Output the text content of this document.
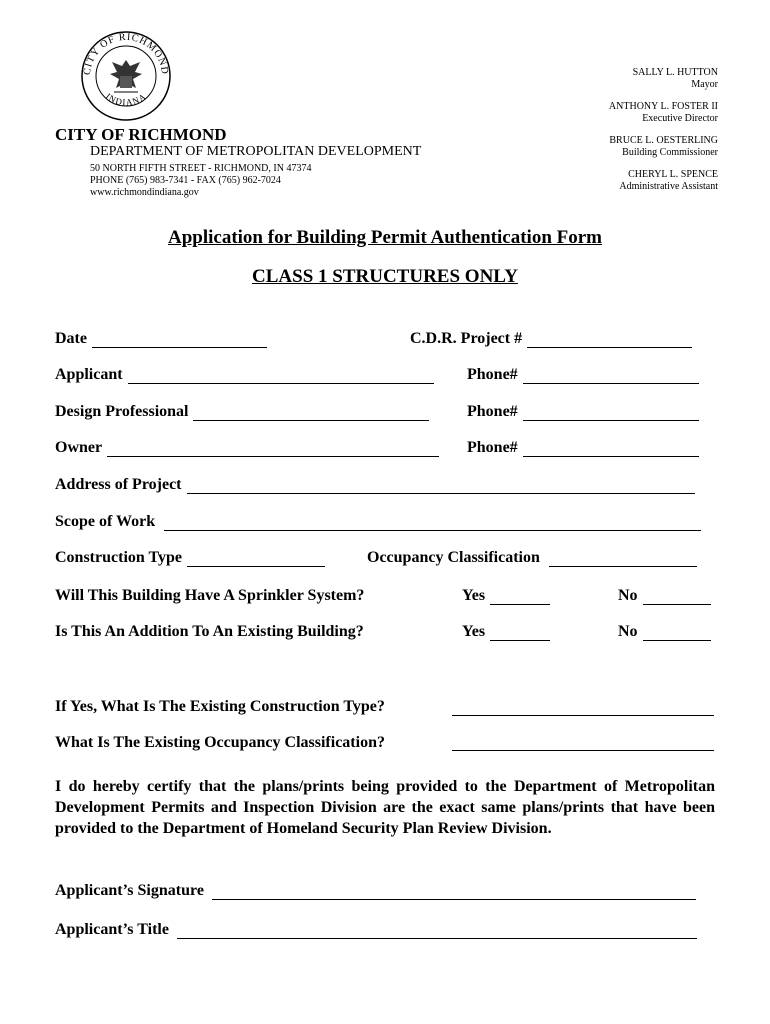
CITY OF RICHMOND
INDIANA
SALLY L. HUTTON
Mayor
ANTHONY L. FOSTER II
Executive Director
BRUCE L. OESTERLING
Building Commissioner
CHERYL L. SPENCE
Administrative Assistant
CITY OF RICHMOND
DEPARTMENT OF METROPOLITAN DEVELOPMENT
50 NORTH FIFTH STREET - RICHMOND, IN 47374
PHONE (765) 983-7341 - FAX (765) 962-7024
www.richmondindiana.gov
Application for Building Permit Authentication Form
CLASS 1 STRUCTURES ONLY
Date	C.D.R. Project #
Applicant	Phone#
Design Professional	Phone#
Owner	Phone#
Address of Project
Scope of Work
Construction Type	Occupancy Classification
Will This Building Have A Sprinkler System?	Yes	No
Is This An Addition To An Existing Building?	Yes	No
If Yes, What Is The Existing Construction Type?
What Is The Existing Occupancy Classification?
I do hereby certify that the plans/prints being provided to the Department of Metropolitan Development Permits and Inspection Division are the exact same plans/prints that have been provided to the Department of Homeland Security Plan Review Division.
Applicant’s Signature
Applicant’s Title
